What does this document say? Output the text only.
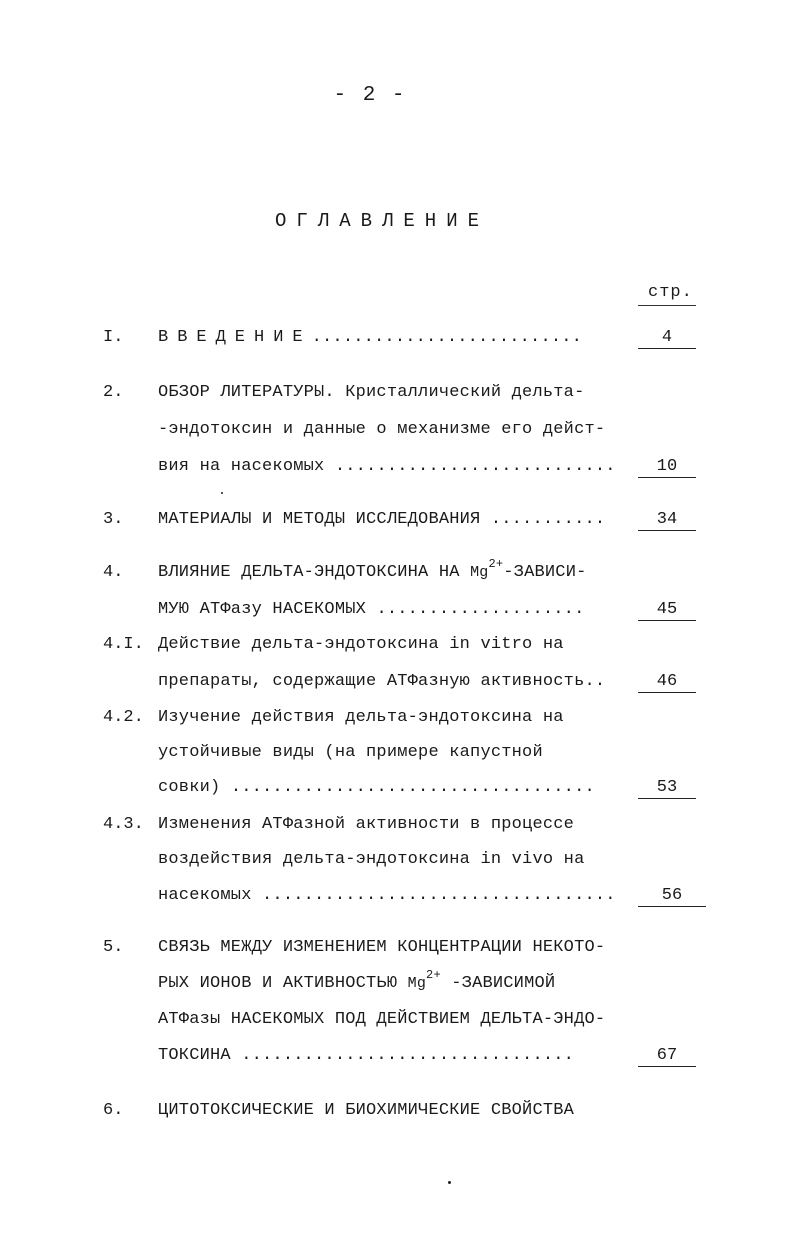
- 2 -
ОГЛАВЛЕНИЕ
стр.
I. ВВЕДЕНИЕ..........................	4
2. ОБЗОР ЛИТЕРАТУРЫ. Кристаллический дельта-
-эндотоксин и данные о механизме его дейст-
вия на насекомых ...........................	10
3. МАТЕРИАЛЫ И МЕТОДЫ ИССЛЕДОВАНИЯ ...........	34
4. ВЛИЯНИЕ ДЕЛЬТА-ЭНДОТОКСИНА НА $Mg^{2+}-ЗАВИСИ-$
МУЮ АТФазу НАСЕКОМЫХ ....................	45
4.I. Действие дельта-эндотоксина in vitro на
препараты, содержащие АТФазную активность..	46
4.2. Изучение действия дельта-эндотоксина на
устойчивые виды (на примере капустной
совки) ...................................	53
4.3. Изменения АТФазной активности в процессе
воздействия дельта-эндотоксина in vivo на
насекомых ..................................	56
5. СВЯЗЬ МЕЖДУ ИЗМЕНЕНИЕМ КОНЦЕНТРАЦИИ НЕКОТО-
РЫХ ИОНОВ И АКТИВНОСТЬЮ $Mg^{2+}$ -ЗАВИСИМОЙ
АТФазы НАСЕКОМЫХ ПОД ДЕЙСТВИЕМ ДЕЛЬТА-ЭНДО-
ТОКСИНА ................................	67
6. ЦИТОТОКСИЧЕСКИЕ И БИОХИМИЧЕСКИЕ СВОЙСТВА
